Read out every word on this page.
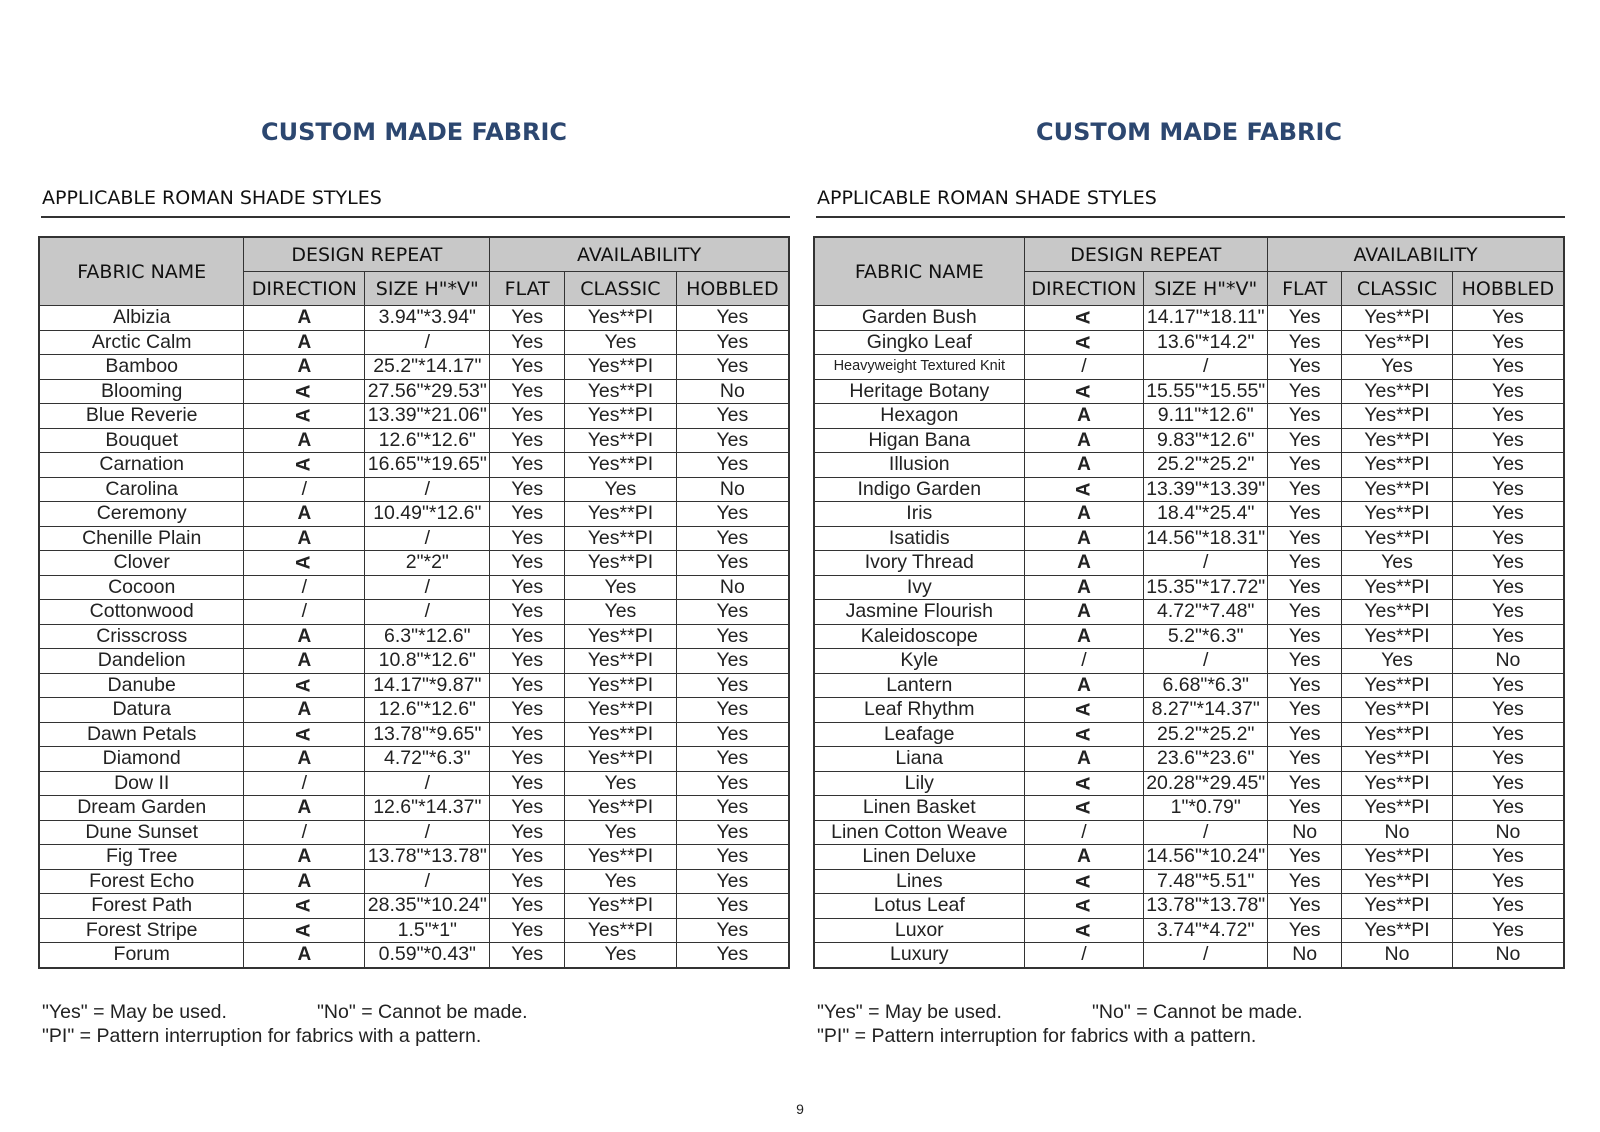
CUSTOM MADE FABRIC
APPLICABLE ROMAN SHADE STYLES
FABRIC NAME	DESIGN REPEAT		AVAILABILITY		
	DIRECTION	SIZE H"*V"	FLAT	CLASSIC	HOBBLED
Albizia	A	3.94"*3.94"	Yes	Yes**PI	Yes
Arctic Calm	A	/	Yes	Yes	Yes
Bamboo	A	25.2"*14.17"	Yes	Yes**PI	Yes
Blooming	A	27.56"*29.53"	Yes	Yes**PI	No
Blue Reverie	A	13.39"*21.06"	Yes	Yes**PI	Yes
Bouquet	A	12.6"*12.6"	Yes	Yes**PI	Yes
Carnation	A	16.65"*19.65"	Yes	Yes**PI	Yes
Carolina	/	/	Yes	Yes	No
Ceremony	A	10.49"*12.6"	Yes	Yes**PI	Yes
Chenille Plain	A	/	Yes	Yes**PI	Yes
Clover	A	2"*2"	Yes	Yes**PI	Yes
Cocoon	/	/	Yes	Yes	No
Cottonwood	/	/	Yes	Yes	Yes
Crisscross	A	6.3"*12.6"	Yes	Yes**PI	Yes
Dandelion	A	10.8"*12.6"	Yes	Yes**PI	Yes
Danube	A	14.17"*9.87"	Yes	Yes**PI	Yes
Datura	A	12.6"*12.6"	Yes	Yes**PI	Yes
Dawn Petals	A	13.78"*9.65"	Yes	Yes**PI	Yes
Diamond	A	4.72"*6.3"	Yes	Yes**PI	Yes
Dow II	/	/	Yes	Yes	Yes
Dream Garden	A	12.6"*14.37"	Yes	Yes**PI	Yes
Dune Sunset	/	/	Yes	Yes	Yes
Fig Tree	A	13.78"*13.78"	Yes	Yes**PI	Yes
Forest Echo	A	/	Yes	Yes	Yes
Forest Path	A	28.35"*10.24"	Yes	Yes**PI	Yes
Forest Stripe	A	1.5"*1"	Yes	Yes**PI	Yes
Forum	A	0.59"*0.43"	Yes	Yes	Yes
"Yes" = May be used.	"No" = Cannot be made.
"PI" = Pattern interruption for fabrics with a pattern.
CUSTOM MADE FABRIC
APPLICABLE ROMAN SHADE STYLES
FABRIC NAME	DESIGN REPEAT		AVAILABILITY		
	DIRECTION	SIZE H"*V"	FLAT	CLASSIC	HOBBLED
Garden Bush	A	14.17"*18.11"	Yes	Yes**PI	Yes
Gingko Leaf	A	13.6"*14.2"	Yes	Yes**PI	Yes
Heavyweight Textured Knit	/	/	Yes	Yes	Yes
Heritage Botany	A	15.55"*15.55"	Yes	Yes**PI	Yes
Hexagon	A	9.11"*12.6"	Yes	Yes**PI	Yes
Higan Bana	A	9.83"*12.6"	Yes	Yes**PI	Yes
Illusion	A	25.2"*25.2"	Yes	Yes**PI	Yes
Indigo Garden	A	13.39"*13.39"	Yes	Yes**PI	Yes
Iris	A	18.4"*25.4"	Yes	Yes**PI	Yes
Isatidis	A	14.56"*18.31"	Yes	Yes**PI	Yes
Ivory Thread	A	/	Yes	Yes	Yes
Ivy	A	15.35"*17.72"	Yes	Yes**PI	Yes
Jasmine Flourish	A	4.72"*7.48"	Yes	Yes**PI	Yes
Kaleidoscope	A	5.2"*6.3"	Yes	Yes**PI	Yes
Kyle	/	/	Yes	Yes	No
Lantern	A	6.68"*6.3"	Yes	Yes**PI	Yes
Leaf Rhythm	A	8.27"*14.37"	Yes	Yes**PI	Yes
Leafage	A	25.2"*25.2"	Yes	Yes**PI	Yes
Liana	A	23.6"*23.6"	Yes	Yes**PI	Yes
Lily	A	20.28"*29.45"	Yes	Yes**PI	Yes
Linen Basket	A	1"*0.79"	Yes	Yes**PI	Yes
Linen Cotton Weave	/	/	No	No	No
Linen Deluxe	A	14.56"*10.24"	Yes	Yes**PI	Yes
Lines	A	7.48"*5.51"	Yes	Yes**PI	Yes
Lotus Leaf	A	13.78"*13.78"	Yes	Yes**PI	Yes
Luxor	A	3.74"*4.72"	Yes	Yes**PI	Yes
Luxury	/	/	No	No	No
"Yes" = May be used.	"No" = Cannot be made.
"PI" = Pattern interruption for fabrics with a pattern.
9
